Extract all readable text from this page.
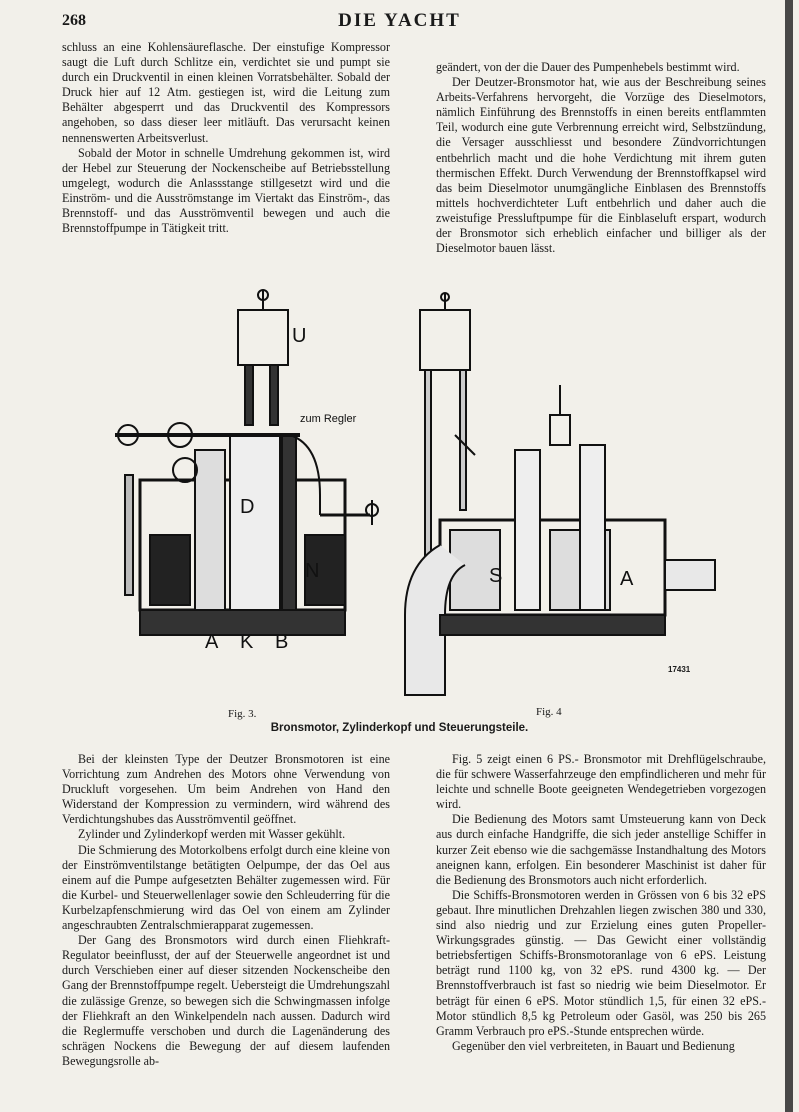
268	DIE YACHT

schluss an eine Kohlensäureflasche. Der einstufige Kompressor saugt die Luft durch Schlitze ein, verdichtet sie und pumpt sie durch ein Druckventil in einen kleinen Vorratsbehälter. Sobald der Druck hier auf 12 Atm. gestiegen ist, wird die Leitung zum Behälter abgesperrt und das Druckventil des Kompressors angehoben, so dass dieser leer mitläuft. Das verursacht keinen nennenswerten Arbeitsverlust.

Sobald der Motor in schnelle Umdrehung gekommen ist, wird der Hebel zur Steuerung der Nockenscheibe auf Betriebsstellung umgelegt, wodurch die Anlassstange stillgesetzt wird und die Einström- und die Ausströmstange im Viertakt das Einström-, das Brennstoff- und das Ausströmventil bewegen und auch die Brennstoffpumpe in Tätigkeit tritt.

geändert, von der die Dauer des Pumpenhebels bestimmt wird.

Der Deutzer-Bronsmotor hat, wie aus der Beschreibung seines Arbeits-Verfahrens hervorgeht, die Vorzüge des Dieselmotors, nämlich Einführung des Brennstoffs in einen bereits entflammten Teil, wodurch eine gute Verbrennung erreicht wird, Selbstzündung, die Versager ausschliesst und besondere Zündvorrichtungen entbehrlich macht und die hohe Verdichtung mit ihrem guten thermischen Effekt. Durch Verwendung der Brennstoffkapsel wird das beim Dieselmotor unumgängliche Einblasen des Brennstoffs mittels hochverdichteter Luft entbehrlich und daher auch die zweistufige Pressluftpumpe für die Einblaseluft erspart, wodurch der Bronsmotor sich erheblich einfacher und billiger als der Dieselmotor bauen lässt.

U
D
N
A K B
S	A
zum Regler
Fig. 3.	Fig. 4
17431
Bronsmotor, Zylinderkopf und Steuerungsteile.

Bei der kleinsten Type der Deutzer Bronsmotoren ist eine Vorrichtung zum Andrehen des Motors ohne Verwendung von Druckluft vorgesehen. Um beim Andrehen von Hand den Widerstand der Kompression zu vermindern, wird während des Verdichtungshubes das Ausströmventil geöffnet.

Zylinder und Zylinderkopf werden mit Wasser gekühlt.

Die Schmierung des Motorkolbens erfolgt durch eine kleine von der Einströmventilstange betätigten Oelpumpe, der das Oel aus einem auf die Pumpe aufgesetzten Behälter zugemessen wird. Für die Kurbel- und Steuerwellenlager sowie den Schleuderring für die Kurbelzapfenschmierung wird das Oel von einem am Zylinder angeschraubten Zentralschmierapparat zugemessen.

Der Gang des Bronsmotors wird durch einen Fliehkraft-Regulator beeinflusst, der auf der Steuerwelle angeordnet ist und durch Verschieben einer auf dieser sitzenden Nockenscheibe den Gang der Brennstoffpumpe regelt. Uebersteigt die Umdrehungszahl die zulässige Grenze, so bewegen sich die Schwingmassen infolge der Fliehkraft an den Winkelpendeln nach aussen. Dadurch wird die Reglermuffe verschoben und durch die Lagenänderung des schrägen Nockens die Bewegung der auf diesem laufenden Bewegungsrolle ab-

Fig. 5 zeigt einen 6 PS.- Bronsmotor mit Drehflügelschraube, die für schwere Wasserfahrzeuge den empfindlicheren und mehr für leichte und schnelle Boote geeigneten Wendegetrieben vorgezogen wird.

Die Bedienung des Motors samt Umsteuerung kann von Deck aus durch einfache Handgriffe, die sich jeder anstellige Schiffer in kurzer Zeit ebenso wie die sachgemässe Instandhaltung des Motors aneignen kann, erfolgen. Ein besonderer Maschinist ist daher für die Bedienung des Bronsmotors auch nicht erforderlich.

Die Schiffs-Bronsmotoren werden in Grössen von 6 bis 32 ePS gebaut. Ihre minutlichen Drehzahlen liegen zwischen 380 und 330, sind also niedrig und zur Erzielung eines guten Propeller-Wirkungsgrades günstig. — Das Gewicht einer vollständig betriebsfertigen Schiffs-Bronsmotoranlage von 6 ePS. Leistung beträgt rund 1100 kg, von 32 ePS. rund 4300 kg. — Der Brennstoffverbrauch ist fast so niedrig wie beim Dieselmotor. Er beträgt für einen 6 ePS. Motor stündlich 1,5, für einen 32 ePS.- Motor stündlich 8,5 kg Petroleum oder Gasöl, was 250 bis 265 Gramm Verbrauch pro ePS.-Stunde entsprechen würde.

Gegenüber den viel verbreiteten, in Bauart und Bedienung
